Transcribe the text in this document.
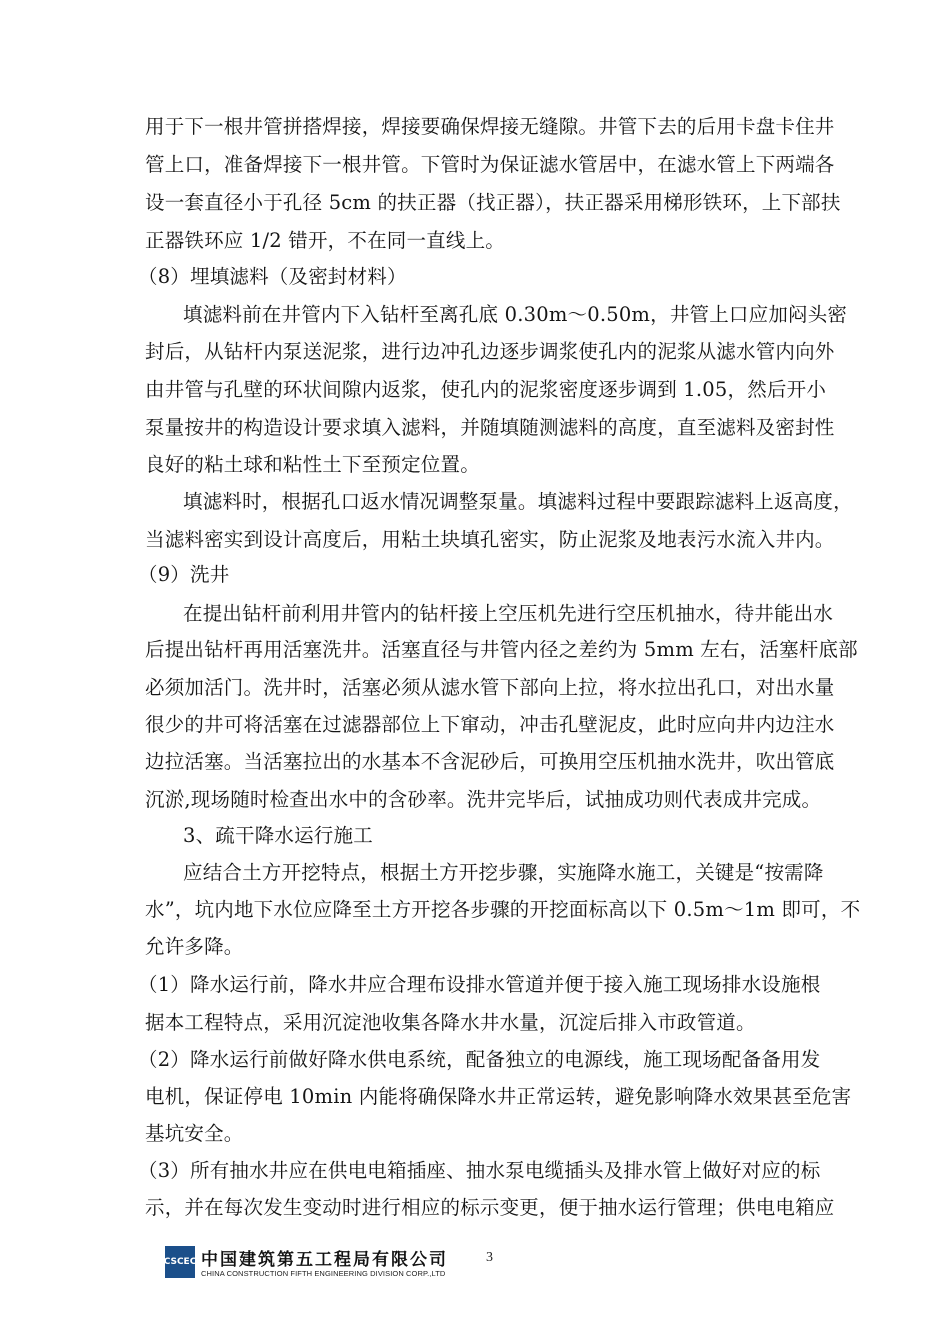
用于下一根井管拼搭焊接，焊接要确保焊接无缝隙。井管下去的后用卡盘卡住井
管上口，准备焊接下一根井管。下管时为保证滤水管居中，在滤水管上下两端各
设一套直径小于孔径 5cm 的扶正器（找正器），扶正器采用梯形铁环，上下部扶
正器铁环应 1/2 错开，不在同一直线上。
（8）埋填滤料（及密封材料）
填滤料前在井管内下入钻杆至离孔底 0.30m～0.50m，井管上口应加闷头密
封后，从钻杆内泵送泥浆，进行边冲孔边逐步调浆使孔内的泥浆从滤水管内向外
由井管与孔壁的环状间隙内返浆，使孔内的泥浆密度逐步调到 1.05，然后开小
泵量按井的构造设计要求填入滤料，并随填随测滤料的高度，直至滤料及密封性
良好的粘土球和粘性土下至预定位置。
填滤料时，根据孔口返水情况调整泵量。填滤料过程中要跟踪滤料上返高度，
当滤料密实到设计高度后，用粘土块填孔密实，防止泥浆及地表污水流入井内。
（9）洗井
在提出钻杆前利用井管内的钻杆接上空压机先进行空压机抽水，待井能出水
后提出钻杆再用活塞洗井。活塞直径与井管内径之差约为 5mm 左右，活塞杆底部
必须加活门。洗井时，活塞必须从滤水管下部向上拉，将水拉出孔口，对出水量
很少的井可将活塞在过滤器部位上下窜动，冲击孔壁泥皮，此时应向井内边注水
边拉活塞。当活塞拉出的水基本不含泥砂后，可换用空压机抽水洗井，吹出管底
沉淤,现场随时检查出水中的含砂率。洗井完毕后，试抽成功则代表成井完成。
3、疏干降水运行施工
应结合土方开挖特点，根据土方开挖步骤，实施降水施工，关键是“按需降
水”，坑内地下水位应降至土方开挖各步骤的开挖面标高以下 0.5m～1m 即可，不
允许多降。
（1）降水运行前，降水井应合理布设排水管道并便于接入施工现场排水设施根
据本工程特点，采用沉淀池收集各降水井水量，沉淀后排入市政管道。
（2）降水运行前做好降水供电系统，配备独立的电源线，施工现场配备备用发
电机，保证停电 10min 内能将确保降水井正常运转，避免影响降水效果甚至危害
基坑安全。
（3）所有抽水井应在供电电箱插座、抽水泵电缆插头及排水管上做好对应的标
示，并在每次发生变动时进行相应的标示变更，便于抽水运行管理；供电电箱应
CSCEC 中国建筑第五工程局有限公司
CHINA CONSTRUCTION FIFTH ENGINEERING DIVISION CORP.,LTD
3
